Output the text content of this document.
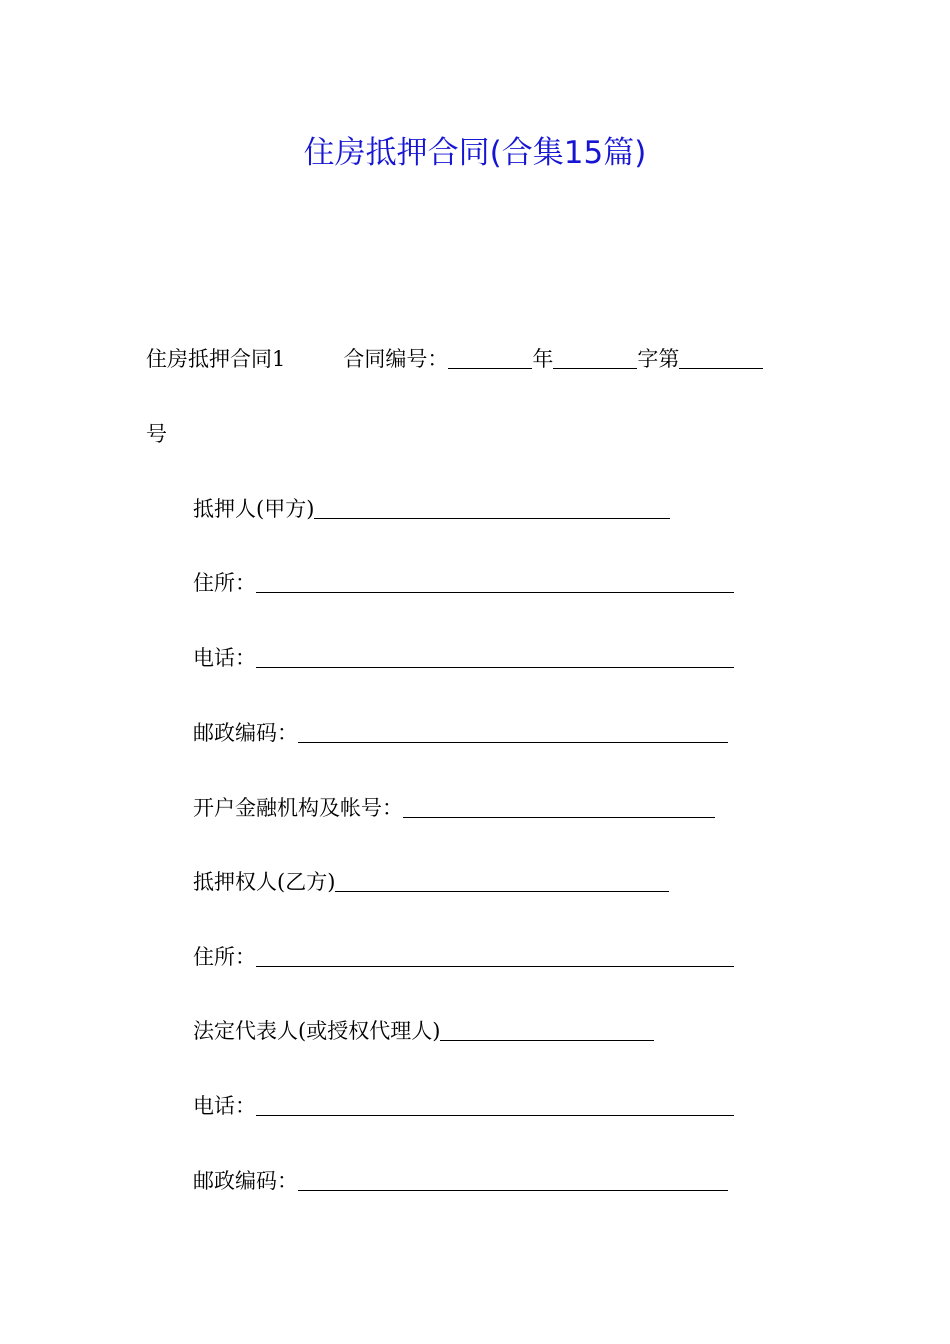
住房抵押合同(合集15篇)
住房抵押合同1	合同编号：	年	字第
号
抵押人(甲方)
住所：
电话：
邮政编码：
开户金融机构及帐号：
抵押权人(乙方)
住所：
法定代表人(或授权代理人)
电话：
邮政编码：
